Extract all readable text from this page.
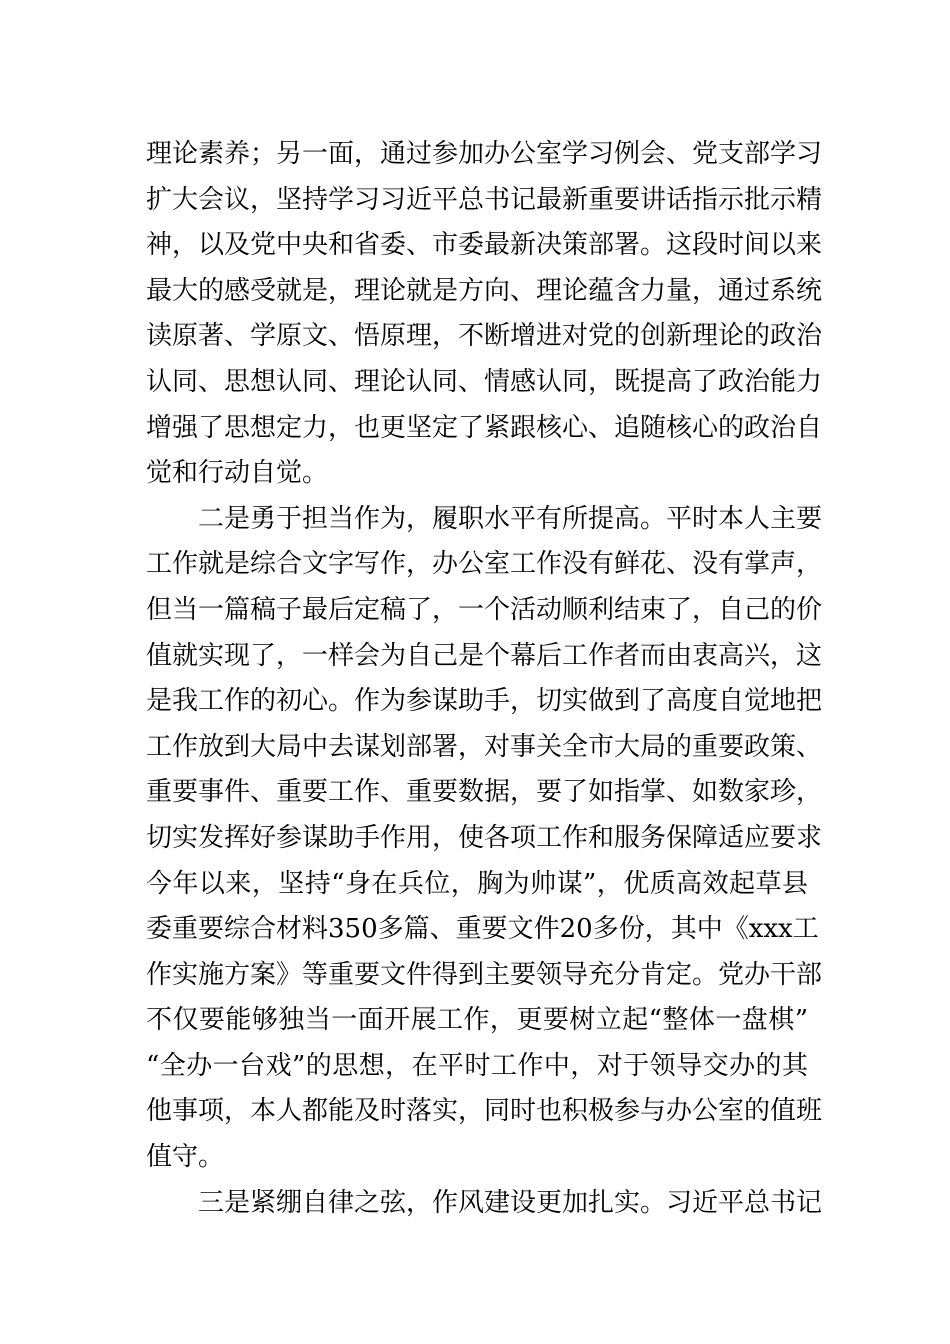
理论素养；另一面，通过参加办公室学习例会、党支部学习
扩大会议，坚持学习习近平总书记最新重要讲话指示批示精
神，以及党中央和省委、市委最新决策部署。这段时间以来
最大的感受就是，理论就是方向、理论蕴含力量，通过系统
读原著、学原文、悟原理，不断增进对党的创新理论的政治
认同、思想认同、理论认同、情感认同，既提高了政治能力
增强了思想定力，也更坚定了紧跟核心、追随核心的政治自
觉和行动自觉。
二是勇于担当作为，履职水平有所提高。平时本人主要
工作就是综合文字写作，办公室工作没有鲜花、没有掌声，
但当一篇稿子最后定稿了，一个活动顺利结束了，自己的价
值就实现了，一样会为自己是个幕后工作者而由衷高兴，这
是我工作的初心。作为参谋助手，切实做到了高度自觉地把
工作放到大局中去谋划部署，对事关全市大局的重要政策、
重要事件、重要工作、重要数据，要了如指掌、如数家珍，
切实发挥好参谋助手作用，使各项工作和服务保障适应要求
今年以来，坚持“身在兵位，胸为帅谋”，优质高效起草县
委重要综合材料350多篇、重要文件20多份，其中《xxx工
作实施方案》等重要文件得到主要领导充分肯定。党办干部
不仅要能够独当一面开展工作，更要树立起“整体一盘棋”
“全办一台戏”的思想，在平时工作中，对于领导交办的其
他事项，本人都能及时落实，同时也积极参与办公室的值班
值守。
三是紧绷自律之弦，作风建设更加扎实。习近平总书记
